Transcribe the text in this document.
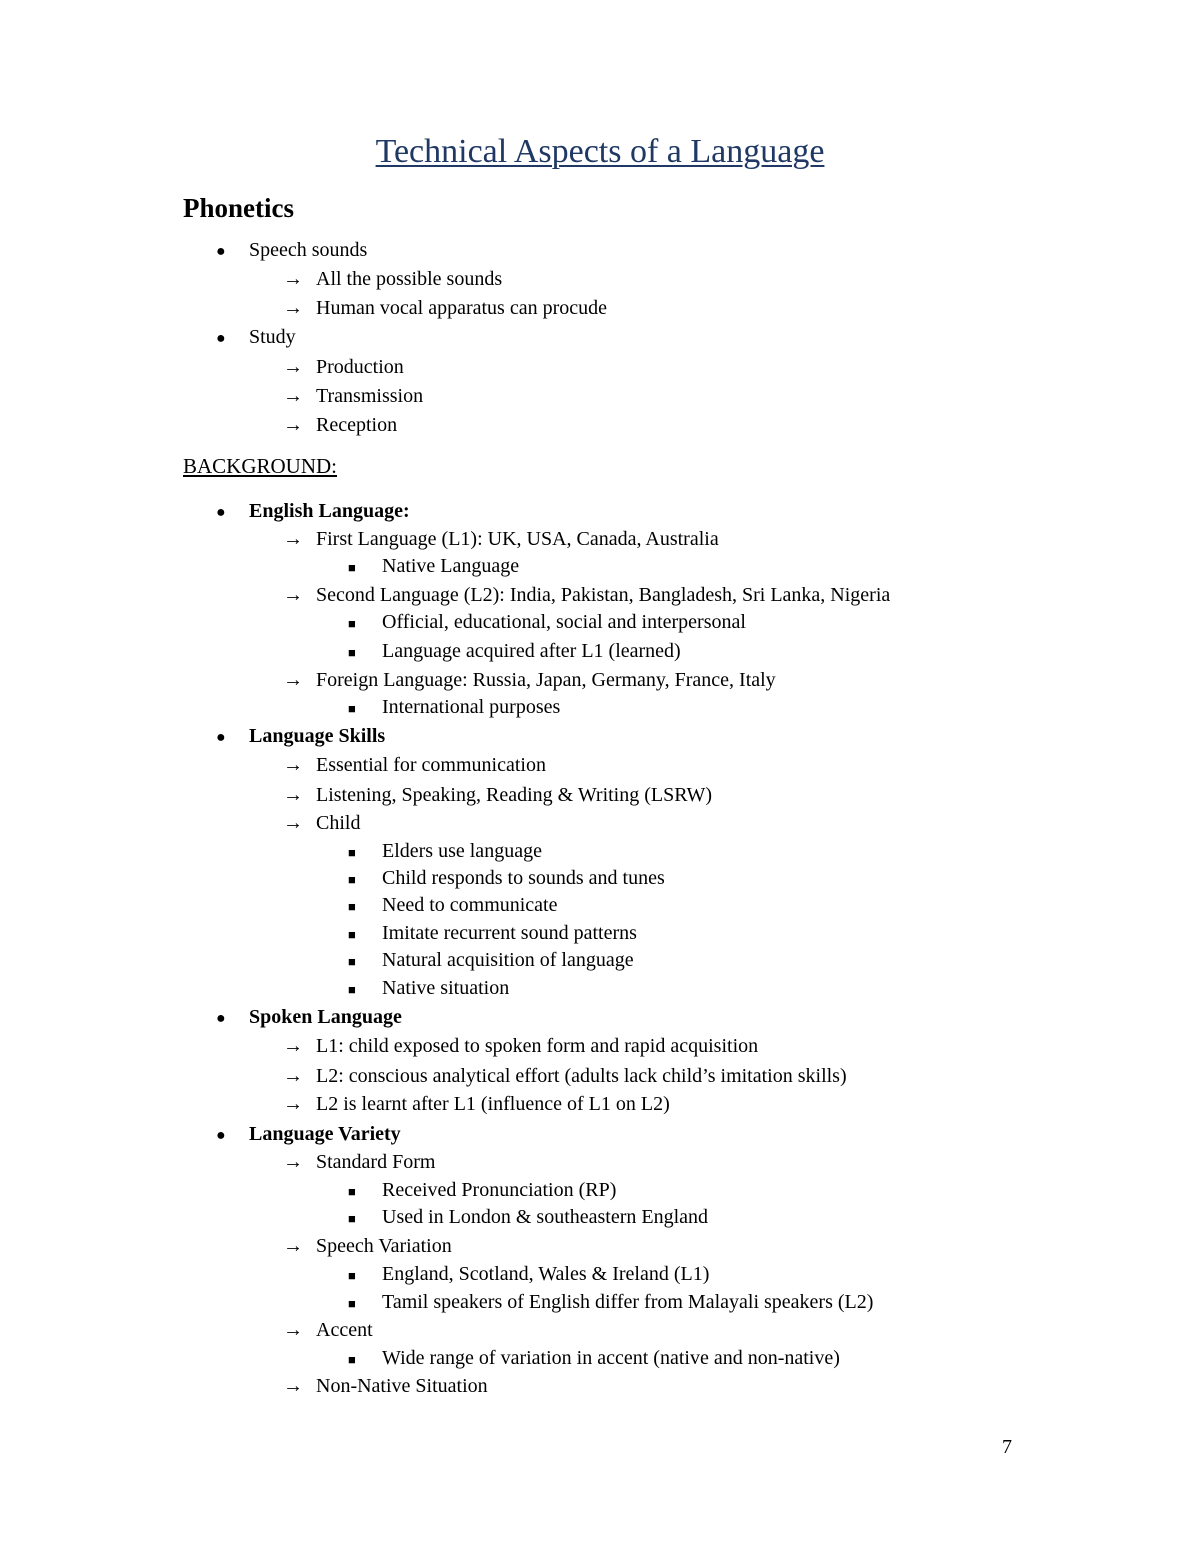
Technical Aspects of a Language
Phonetics
● Speech sounds
→ All the possible sounds
→ Human vocal apparatus can procude
● Study
→ Production
→ Transmission
→ Reception
BACKGROUND:
● English Language:
→ First Language (L1): UK, USA, Canada, Australia
■ Native Language
→ Second Language (L2): India, Pakistan, Bangladesh, Sri Lanka, Nigeria
■ Official, educational, social and interpersonal
■ Language acquired after L1 (learned)
→ Foreign Language: Russia, Japan, Germany, France, Italy
■ International purposes
● Language Skills
→ Essential for communication
→ Listening, Speaking, Reading & Writing (LSRW)
→ Child
■ Elders use language
■ Child responds to sounds and tunes
■ Need to communicate
■ Imitate recurrent sound patterns
■ Natural acquisition of language
■ Native situation
● Spoken Language
→ L1: child exposed to spoken form and rapid acquisition
→ L2: conscious analytical effort (adults lack child’s imitation skills)
→ L2 is learnt after L1 (influence of L1 on L2)
● Language Variety
→ Standard Form
■ Received Pronunciation (RP)
■ Used in London & southeastern England
→ Speech Variation
■ England, Scotland, Wales & Ireland (L1)
■ Tamil speakers of English differ from Malayali speakers (L2)
→ Accent
■ Wide range of variation in accent (native and non-native)
→ Non-Native Situation
7
